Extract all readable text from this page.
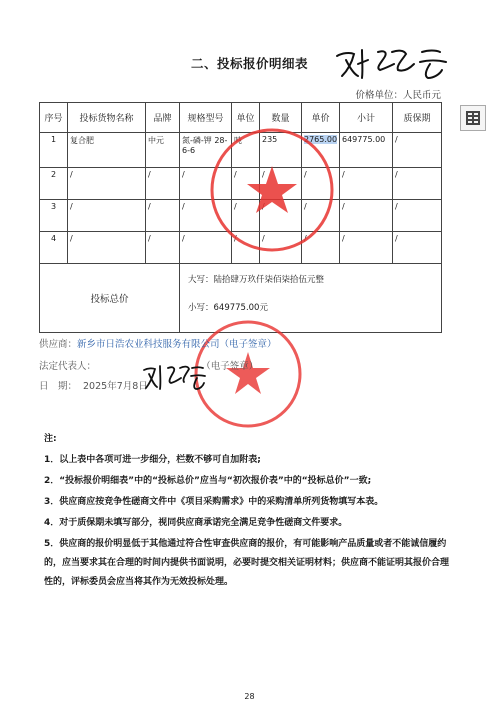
二、投标报价明细表
价格单位：人民币元
序号	投标货物名称	品牌	规格型号	单位	数量	单价	小计	质保期
1	复合肥	中元	氮-磷-钾 28-6-6	吨	235	2765.00	649775.00	/
2	/	/	/	/	/	/	/	/
3	/	/	/	/		/	/	/
4	/	/	/	/	/	/	/	/
投标总价			大写：陆拾肆万玖仟柒佰柒拾伍元整
小写：649775.00元					
供应商：新乡市日浩农业科技服务有限公司（电子签章）
法定代表人：	（电子签章）
日　期： 2025年7月8日

注:

1．以上表中各项可进一步细分，栏数不够可自加附表;

2．“投标报价明细表”中的“投标总价”应当与“初次报价表”中的“投标总价”一致;

3．供应商应按竞争性磋商文件中《项目采购需求》中的采购清单所列货物填写本表。

4．对于质保期未填写部分，视同供应商承诺完全满足竞争性磋商文件要求。

5．供应商的报价明显低于其他通过符合性审查供应商的报价，有可能影响产品质量或者不能诚信履约的，应当要求其在合理的时间内提供书面说明，必要时提交相关证明材料；供应商不能证明其报价合理性的，评标委员会应当将其作为无效投标处理。

28
